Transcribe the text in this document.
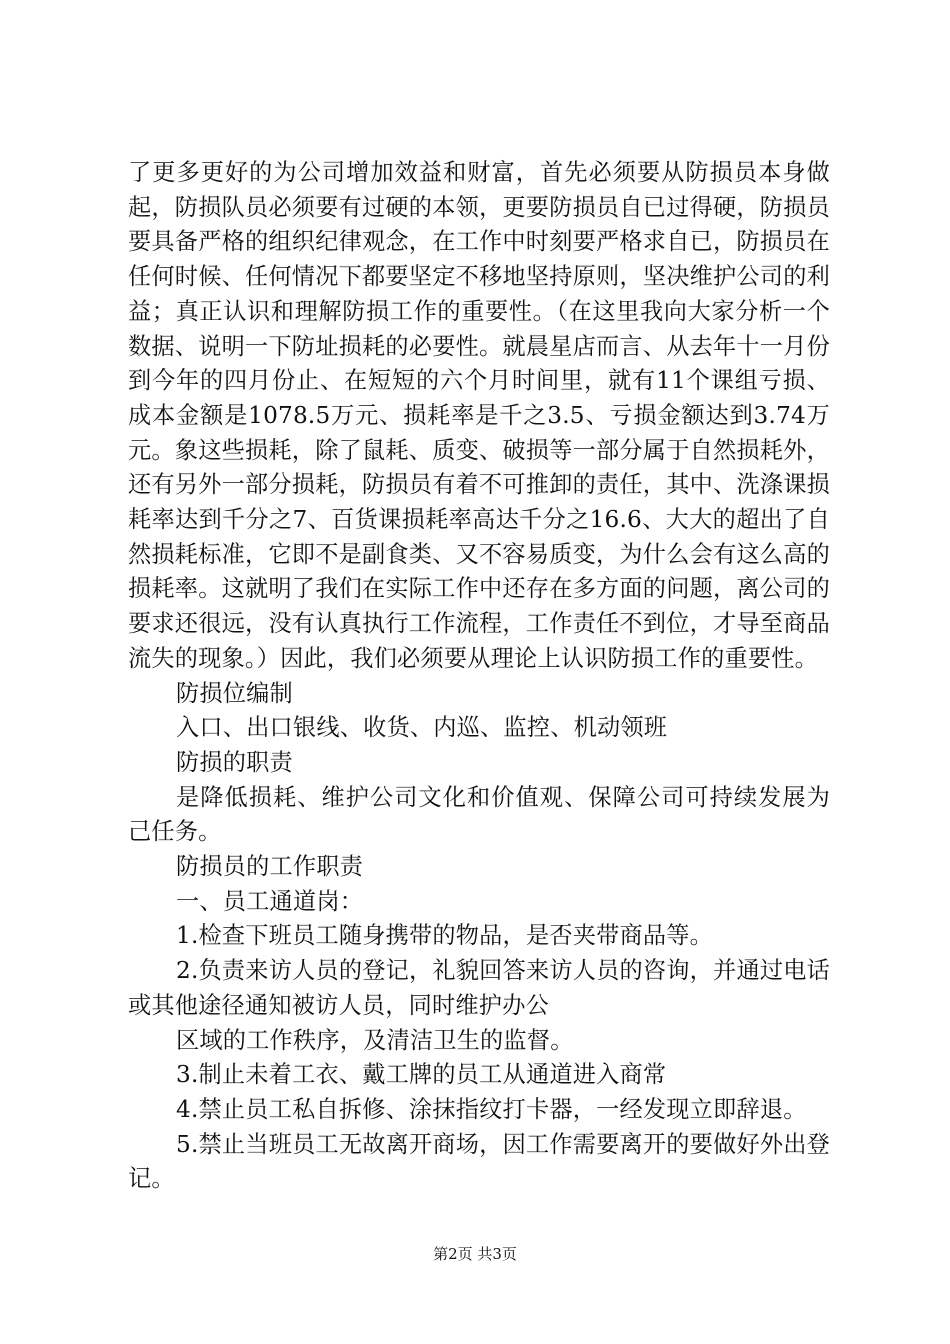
了更多更好的为公司增加效益和财富，首先必须要从防损员本身做起，防损队员必须要有过硬的本领，更要防损员自已过得硬，防损员要具备严格的组织纪律观念，在工作中时刻要严格求自已，防损员在任何时候、任何情况下都要坚定不移地坚持原则，坚决维护公司的利益；真正认识和理解防损工作的重要性。（在这里我向大家分析一个数据、说明一下防址损耗的必要性。就晨星店而言、从去年十一月份到今年的四月份止、在短短的六个月时间里，就有11个课组亏损、成本金额是1078.5万元、损耗率是千之3.5、亏损金额达到3.74万元。象这些损耗，除了鼠耗、质变、破损等一部分属于自然损耗外，还有另外一部分损耗，防损员有着不可推卸的责任，其中、洗涤课损耗率达到千分之7、百货课损耗率高达千分之16.6、大大的超出了自然损耗标准，它即不是副食类、又不容易质变，为什么会有这么高的损耗率。这就明了我们在实际工作中还存在多方面的问题，离公司的要求还很远，没有认真执行工作流程，工作责任不到位，才导至商品流失的现象。）因此，我们必须要从理论上认识防损工作的重要性。

防损位编制

入口、出口银线、收货、内巡、监控、机动领班

防损的职责

是降低损耗、维护公司文化和价值观、保障公司可持续发展为己任务。

防损员的工作职责

一、员工通道岗：

1.检查下班员工随身携带的物品，是否夹带商品等。

2.负责来访人员的登记，礼貌回答来访人员的咨询，并通过电话或其他途径通知被访人员，同时维护办公

区域的工作秩序，及清洁卫生的监督。

3.制止未着工衣、戴工牌的员工从通道进入商常

4.禁止员工私自拆修、涂抹指纹打卡器，一经发现立即辞退。

5.禁止当班员工无故离开商场，因工作需要离开的要做好外出登记。

第2页 共3页
